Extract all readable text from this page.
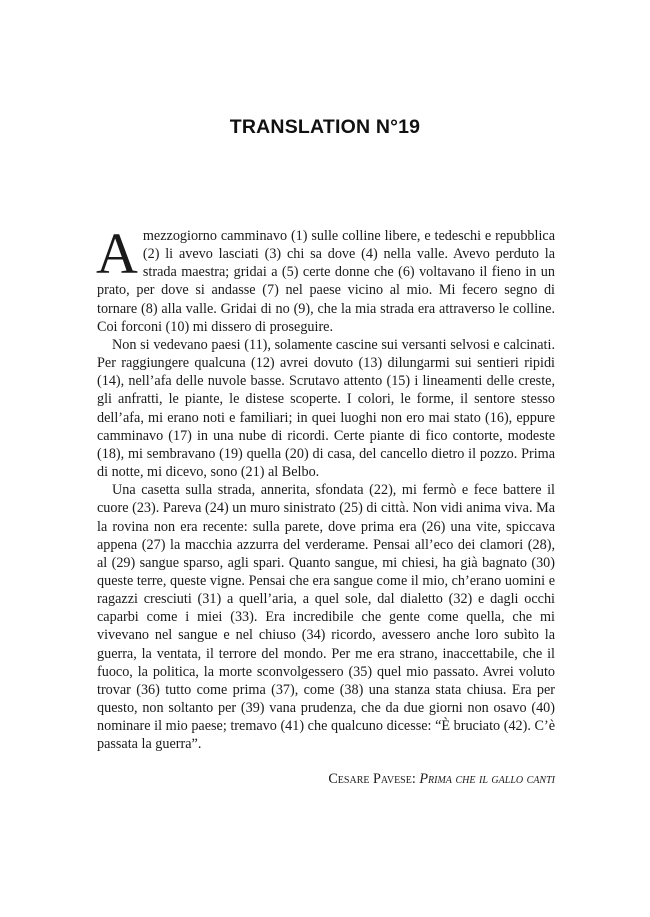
TRANSLATION N°19

Amezzogiorno camminavo (1) sulle colline libere, e tedeschi e repubblica (2) li avevo lasciati (3) chi sa dove (4) nella valle. Avevo perduto la strada maestra; gridai a (5) certe donne che (6) voltavano il fieno in un prato, per dove si andasse (7) nel paese vicino al mio. Mi fecero segno di tornare (8) alla valle. Gridai di no (9), che la mia strada era attraverso le colline. Coi forconi (10) mi dissero di proseguire.

Non si vedevano paesi (11), solamente cascine sui versanti selvosi e calcinati. Per raggiungere qualcuna (12) avrei dovuto (13) dilungarmi sui sentieri ripidi (14), nell’afa delle nuvole basse. Scrutavo attento (15) i lineamenti delle creste, gli anfratti, le piante, le distese scoperte. I colori, le forme, il sentore stesso dell’afa, mi erano noti e familiari; in quei luoghi non ero mai stato (16), eppure camminavo (17) in una nube di ricordi. Certe piante di fico contorte, modeste (18), mi sembravano (19) quella (20) di casa, del cancello dietro il pozzo. Prima di notte, mi dicevo, sono (21) al Belbo.

Una casetta sulla strada, annerita, sfondata (22), mi fermò e fece battere il cuore (23). Pareva (24) un muro sinistrato (25) di città. Non vidi anima viva. Ma la rovina non era recente: sulla parete, dove prima era (26) una vite, spiccava appena (27) la macchia azzurra del verderame. Pensai all’eco dei clamori (28), al (29) sangue sparso, agli spari. Quanto sangue, mi chiesi, ha già bagnato (30) queste terre, queste vigne. Pensai che era sangue come il mio, ch’erano uomini e ragazzi cresciuti (31) a quell’aria, a quel sole, dal dialetto (32) e dagli occhi caparbi come i miei (33). Era incredibile che gente come quella, che mi vivevano nel sangue e nel chiuso (34) ricordo, avessero anche loro subìto la guerra, la ventata, il terrore del mondo. Per me era strano, inaccettabile, che il fuoco, la politica, la morte sconvolgessero (35) quel mio passato. Avrei voluto trovar (36) tutto come prima (37), come (38) una stanza stata chiusa. Era per questo, non soltanto per (39) vana prudenza, che da due giorni non osavo (40) nominare il mio paese; tremavo (41) che qualcuno dicesse: “È bruciato (42). C’è passata la guerra”.

Cesare Pavese: Prima che il gallo canti
